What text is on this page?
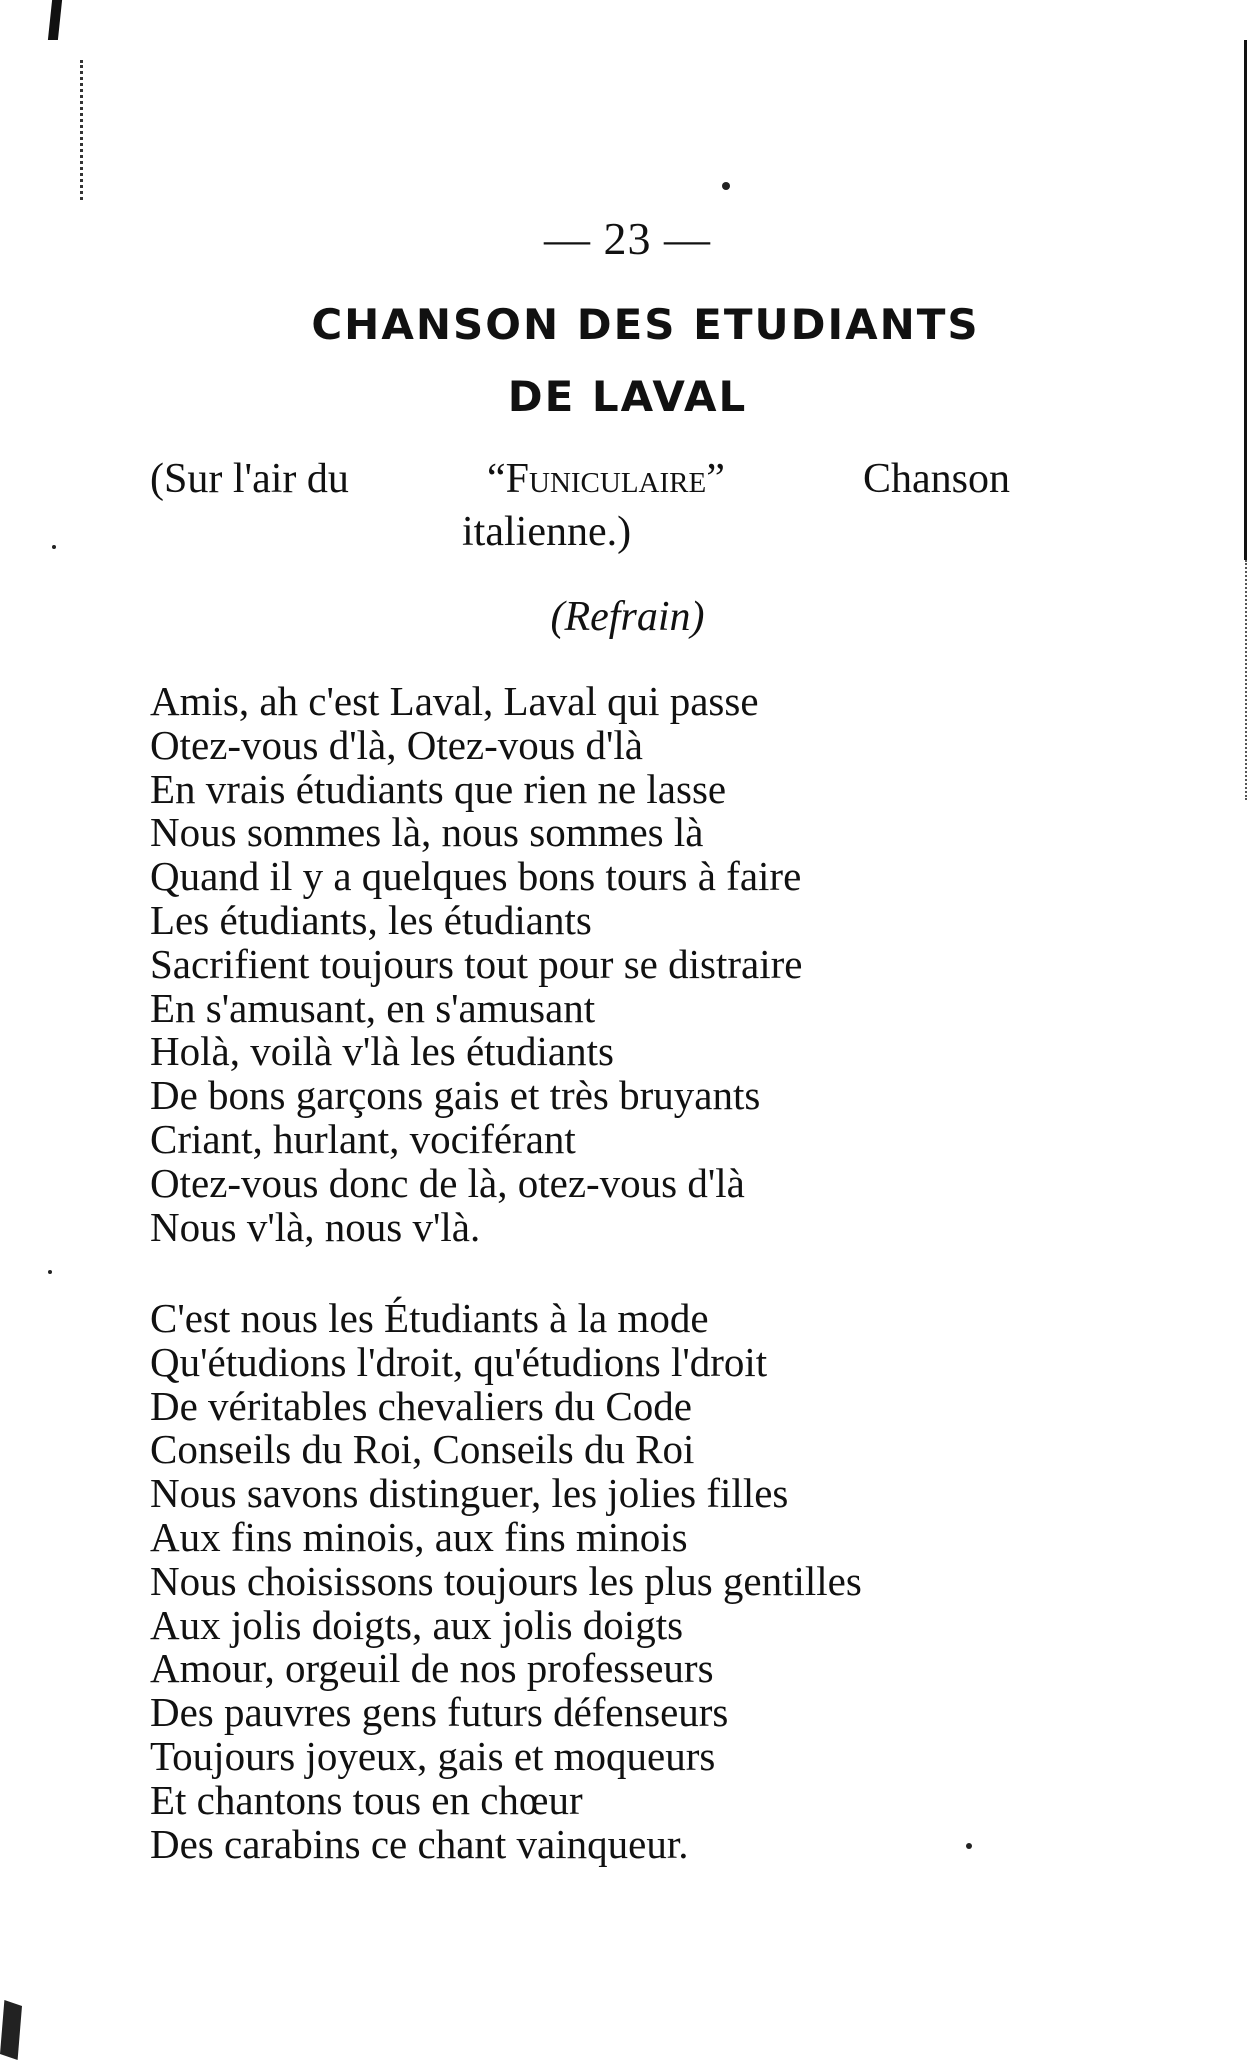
— 23 —
CHANSON DES ETUDIANTS
DE LAVAL
(Sur l'air du	“Funiculaire”	Chanson
italienne.)
(Refrain)
Amis, ah c'est Laval, Laval qui passe
Otez-vous d'là, Otez-vous d'là
En vrais étudiants que rien ne lasse
Nous sommes là, nous sommes là
Quand il y a quelques bons tours à faire
Les étudiants, les étudiants
Sacrifient toujours tout pour se distraire
En s'amusant, en s'amusant
Holà, voilà v'là les étudiants
De bons garçons gais et très bruyants
Criant, hurlant, vociférant
Otez-vous donc de là, otez-vous d'là
Nous v'là, nous v'là.
C'est nous les Étudiants à la mode
Qu'étudions l'droit, qu'étudions l'droit
De véritables chevaliers du Code
Conseils du Roi, Conseils du Roi
Nous savons distinguer, les jolies filles
Aux fins minois, aux fins minois
Nous choisissons toujours les plus gentilles
Aux jolis doigts, aux jolis doigts
Amour, orgeuil de nos professeurs
Des pauvres gens futurs défenseurs
Toujours joyeux, gais et moqueurs
Et chantons tous en chœur
Des carabins ce chant vainqueur.
